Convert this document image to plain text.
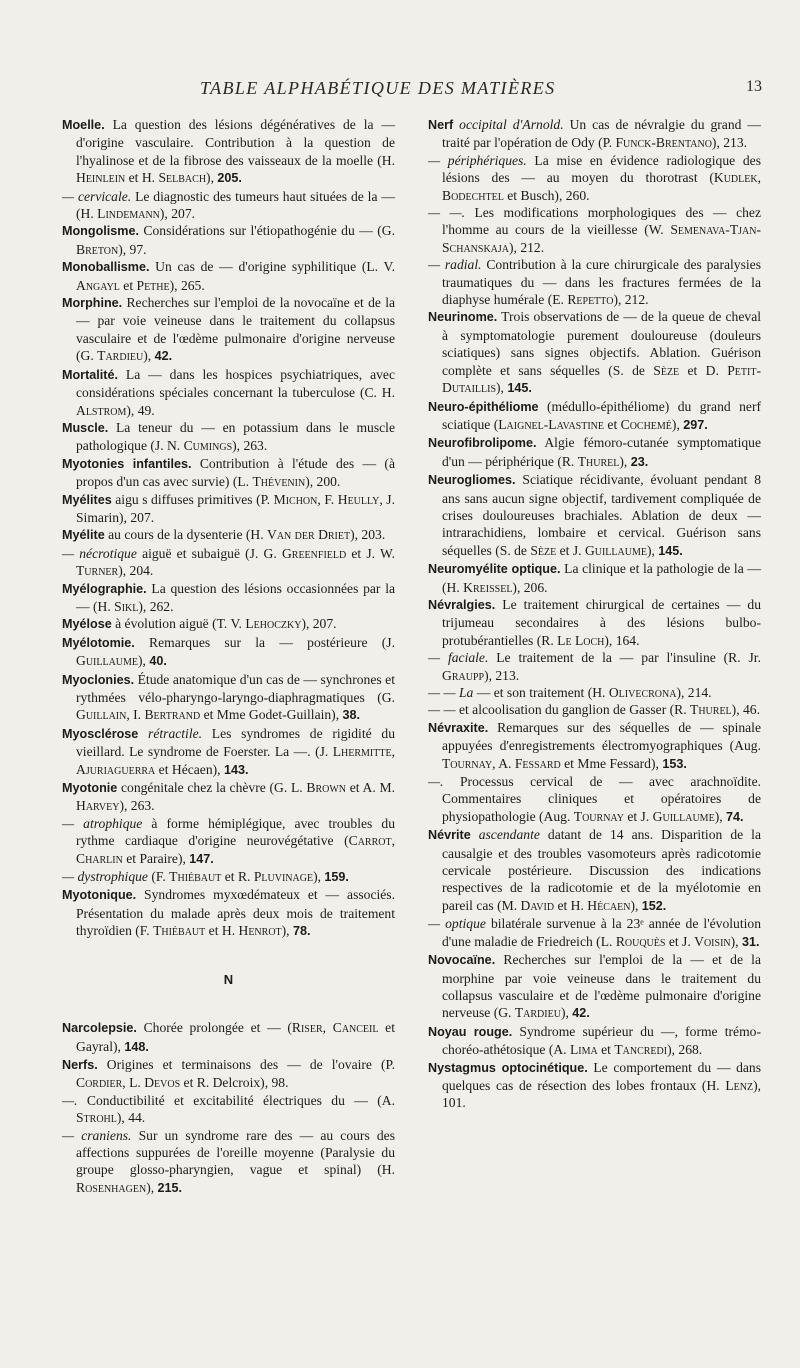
TABLE ALPHABÉTIQUE DES MATIÈRES	13

Moelle. La question des lésions dégénératives de la — d'origine vasculaire. Contribution à la question de l'hyalinose et de la fibrose des vaisseaux de la moelle (H. Heinlein et H. Selbach), 205.

— cervicale. Le diagnostic des tumeurs haut situées de la — (H. Lindemann), 207.

Mongolisme. Considérations sur l'étiopathogénie du — (G. Breton), 97.

Monoballisme. Un cas de — d'origine syphilitique (L. V. Angayl et Pethe), 265.

Morphine. Recherches sur l'emploi de la novocaïne et de la — par voie veineuse dans le traitement du collapsus vasculaire et de l'œdème pulmonaire d'origine nerveuse (G. Tardieu), 42.

Mortalité. La — dans les hospices psychiatriques, avec considérations spéciales concernant la tuberculose (C. H. Alstrom), 49.

Muscle. La teneur du — en potassium dans le muscle pathologique (J. N. Cumings), 263.

Myotonies infantiles. Contribution à l'étude des — (à propos d'un cas avec survie) (L. Thévenin), 200.

Myélites aigu s diffuses primitives (P. Michon, F. Heully, J. Simarin), 207.

Myélite au cours de la dysenterie (H. Van der Driet), 203.

— nécrotique aiguë et subaiguë (J. G. Greenfield et J. W. Turner), 204.

Myélographie. La question des lésions occasionnées par la — (H. Sikl), 262.

Myélose à évolution aiguë (T. V. Lehoczky), 207.

Myélotomie. Remarques sur la — postérieure (J. Guillaume), 40.

Myoclonies. Étude anatomique d'un cas de — synchrones et rythmées vélo-pharyngo-laryngo-diaphragmatiques (G. Guillain, I. Bertrand et Mme Godet-Guillain), 38.

Myosclérose rétractile. Les syndromes de rigidité du vieillard. Le syndrome de Foerster. La —. (J. Lhermitte, Ajuriaguerra et Hécaen), 143.

Myotonie congénitale chez la chèvre (G. L. Brown et A. M. Harvey), 263.

— atrophique à forme hémiplégique, avec troubles du rythme cardiaque d'origine neurovégétative (Carrot, Charlin et Paraire), 147.

— dystrophique (F. Thiébaut et R. Pluvinage), 159.

Myotonique. Syndromes myxœdémateux et — associés. Présentation du malade après deux mois de traitement thyroïdien (F. Thiébaut et H. Henrot), 78.

N

Narcolepsie. Chorée prolongée et — (Riser, Canceil et Gayral), 148.

Nerfs. Origines et terminaisons des — de l'ovaire (P. Cordier, L. Devos et R. Delcroix), 98.

—. Conductibilité et excitabilité électriques du — (A. Strohl), 44.

— craniens. Sur un syndrome rare des — au cours des affections suppurées de l'oreille moyenne (Paralysie du groupe glosso-pharyngien, vague et spinal) (H. Rosenhagen), 215.

Nerf occipital d'Arnold. Un cas de névralgie du grand — traité par l'opération de Ody (P. Funck-Brentano), 213.

— périphériques. La mise en évidence radiologique des lésions des — au moyen du thorotrast (Kudlek, Bodechtel et Busch), 260.

— —. Les modifications morphologiques des — chez l'homme au cours de la vieillesse (W. Semenava-Tjan-Schanskaja), 212.

— radial. Contribution à la cure chirurgicale des paralysies traumatiques du — dans les fractures fermées de la diaphyse humérale (E. Repetto), 212.

Neurinome. Trois observations de — de la queue de cheval à symptomatologie purement douloureuse (douleurs sciatiques) sans signes objectifs. Ablation. Guérison complète et sans séquelles (S. de Sèze et D. Petit-Dutaillis), 145.

Neuro-épithéliome (médullo-épithéliome) du grand nerf sciatique (Laignel-Lavastine et Cochemé), 297.

Neurofibrolipome. Algie fémoro-cutanée symptomatique d'un — périphérique (R. Thurel), 23.

Neurogliomes. Sciatique récidivante, évoluant pendant 8 ans sans aucun signe objectif, tardivement compliquée de crises douloureuses brachiales. Ablation de deux — intrarachidiens, lombaire et cervical. Guérison sans séquelles (S. de Sèze et J. Guillaume), 145.

Neuromyélite optique. La clinique et la pathologie de la — (H. Kreissel), 206.

Névralgies. Le traitement chirurgical de certaines — du trijumeau secondaires à des lésions bulbo-protubérantielles (R. Le Loch), 164.

— faciale. Le traitement de la — par l'insuline (R. Jr. Graupp), 213.

— — La — et son traitement (H. Olivecrona), 214.

— — et alcoolisation du ganglion de Gasser (R. Thurel), 46.

Névraxite. Remarques sur des séquelles de — spinale appuyées d'enregistrements électromyographiques (Aug. Tournay, A. Fessard et Mme Fessard), 153.

—. Processus cervical de — avec arachnoïdite. Commentaires cliniques et opératoires de physiopathologie (Aug. Tournay et J. Guillaume), 74.

Névrite ascendante datant de 14 ans. Disparition de la causalgie et des troubles vasomoteurs après radicotomie cervicale postérieure. Discussion des indications respectives de la radicotomie et de la myélotomie en pareil cas (M. David et H. Hécaen), 152.

— optique bilatérale survenue à la 23ᵉ année de l'évolution d'une maladie de Friedreich (L. Rouquès et J. Voisin), 31.

Novocaïne. Recherches sur l'emploi de la — et de la morphine par voie veineuse dans le traitement du collapsus vasculaire et de l'œdème pulmonaire d'origine nerveuse (G. Tardieu), 42.

Noyau rouge. Syndrome supérieur du —, forme trémo-choréo-athétosique (A. Lima et Tancredi), 268.

Nystagmus optocinétique. Le comportement du — dans quelques cas de résection des lobes frontaux (H. Lenz), 101.
